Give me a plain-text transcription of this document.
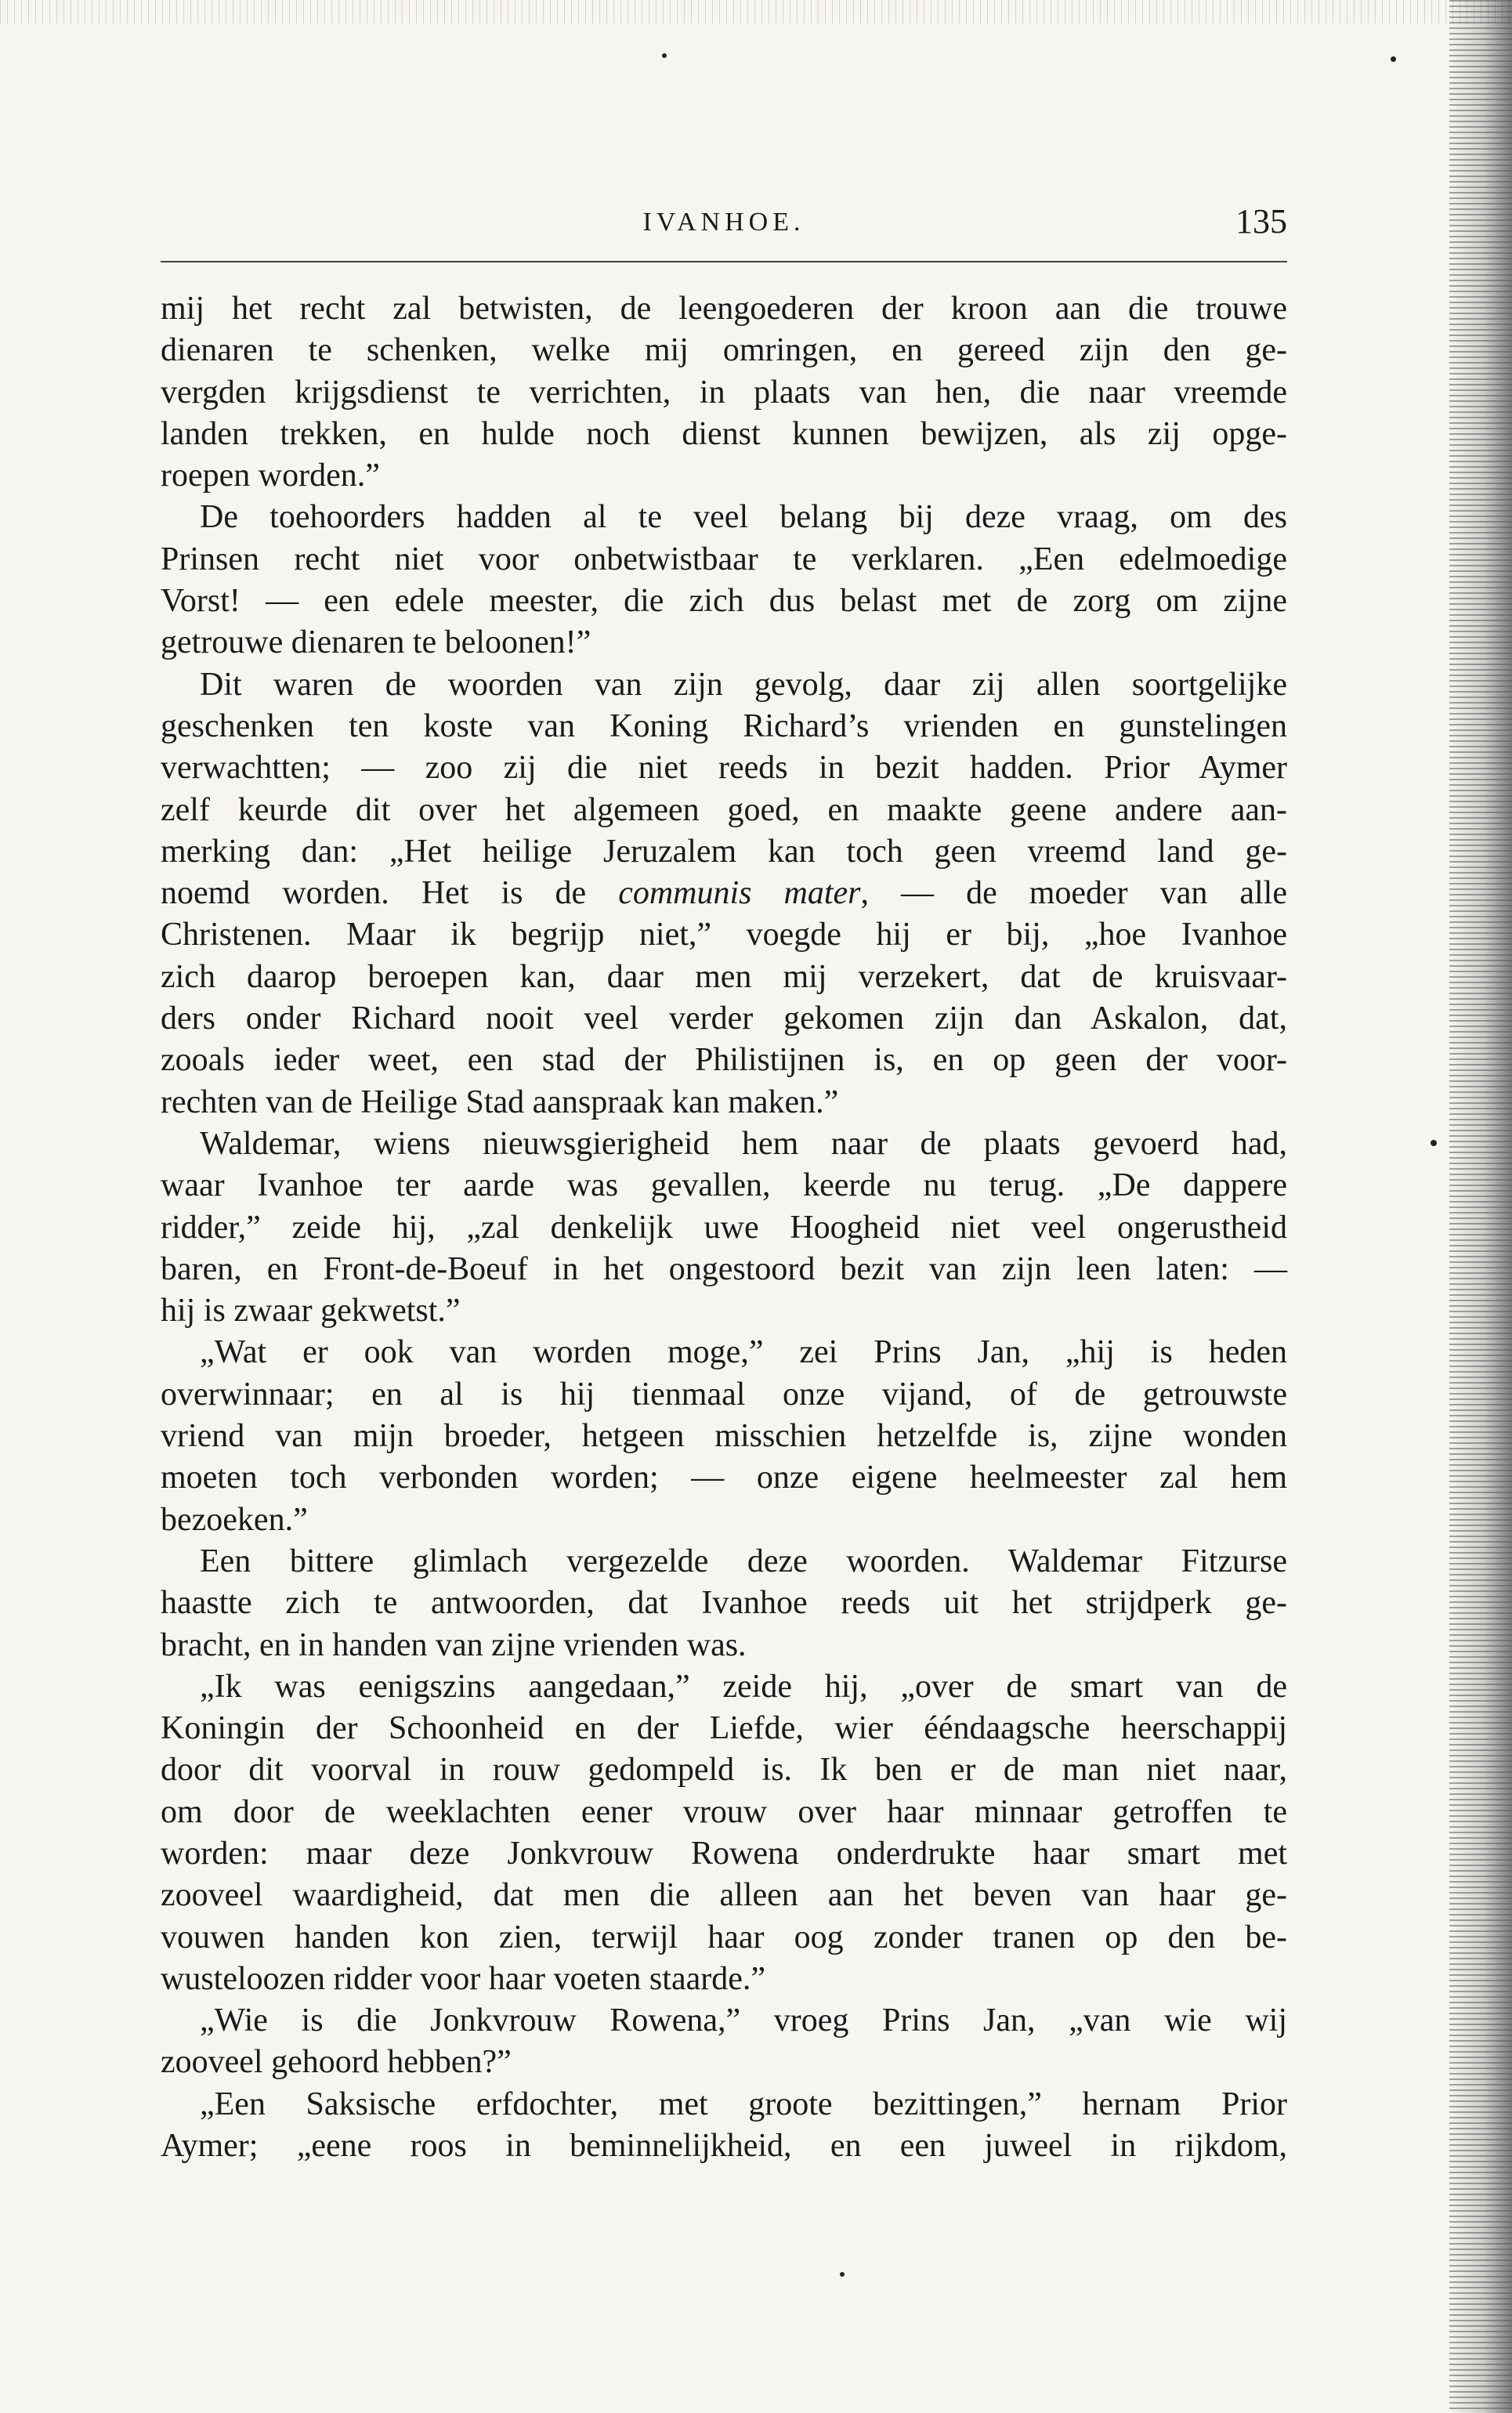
IVANHOE.	135
mij het recht zal betwisten, de leengoederen der kroon aan die trouwe
dienaren te schenken, welke mij omringen, en gereed zijn den ge-
vergden krijgsdienst te verrichten, in plaats van hen, die naar vreemde
landen trekken, en hulde noch dienst kunnen bewijzen, als zij opge-
roepen worden.”
De toehoorders hadden al te veel belang bij deze vraag, om des
Prinsen recht niet voor onbetwistbaar te verklaren. „Een edelmoedige
Vorst! — een edele meester, die zich dus belast met de zorg om zijne
getrouwe dienaren te beloonen!”
Dit waren de woorden van zijn gevolg, daar zij allen soortgelijke
geschenken ten koste van Koning Richard’s vrienden en gunstelingen
verwachtten; — zoo zij die niet reeds in bezit hadden. Prior Aymer
zelf keurde dit over het algemeen goed, en maakte geene andere aan-
merking dan: „Het heilige Jeruzalem kan toch geen vreemd land ge-
noemd worden. Het is de communis mater, — de moeder van alle
Christenen. Maar ik begrijp niet,” voegde hij er bij, „hoe Ivanhoe
zich daarop beroepen kan, daar men mij verzekert, dat de kruisvaar-
ders onder Richard nooit veel verder gekomen zijn dan Askalon, dat,
zooals ieder weet, een stad der Philistijnen is, en op geen der voor-
rechten van de Heilige Stad aanspraak kan maken.”
Waldemar, wiens nieuwsgierigheid hem naar de plaats gevoerd had,
waar Ivanhoe ter aarde was gevallen, keerde nu terug. „De dappere
ridder,” zeide hij, „zal denkelijk uwe Hoogheid niet veel ongerustheid
baren, en Front-de-Boeuf in het ongestoord bezit van zijn leen laten: —
hij is zwaar gekwetst.”
„Wat er ook van worden moge,” zei Prins Jan, „hij is heden
overwinnaar; en al is hij tienmaal onze vijand, of de getrouwste
vriend van mijn broeder, hetgeen misschien hetzelfde is, zijne wonden
moeten toch verbonden worden; — onze eigene heelmeester zal hem
bezoeken.”
Een bittere glimlach vergezelde deze woorden. Waldemar Fitzurse
haastte zich te antwoorden, dat Ivanhoe reeds uit het strijdperk ge-
bracht, en in handen van zijne vrienden was.
„Ik was eenigszins aangedaan,” zeide hij, „over de smart van de
Koningin der Schoonheid en der Liefde, wier ééndaagsche heerschappij
door dit voorval in rouw gedompeld is. Ik ben er de man niet naar,
om door de weeklachten eener vrouw over haar minnaar getroffen te
worden: maar deze Jonkvrouw Rowena onderdrukte haar smart met
zooveel waardigheid, dat men die alleen aan het beven van haar ge-
vouwen handen kon zien, terwijl haar oog zonder tranen op den be-
wusteloozen ridder voor haar voeten staarde.”
„Wie is die Jonkvrouw Rowena,” vroeg Prins Jan, „van wie wij
zooveel gehoord hebben?”
„Een Saksische erfdochter, met groote bezittingen,” hernam Prior
Aymer; „eene roos in beminnelijkheid, en een juweel in rijkdom,
